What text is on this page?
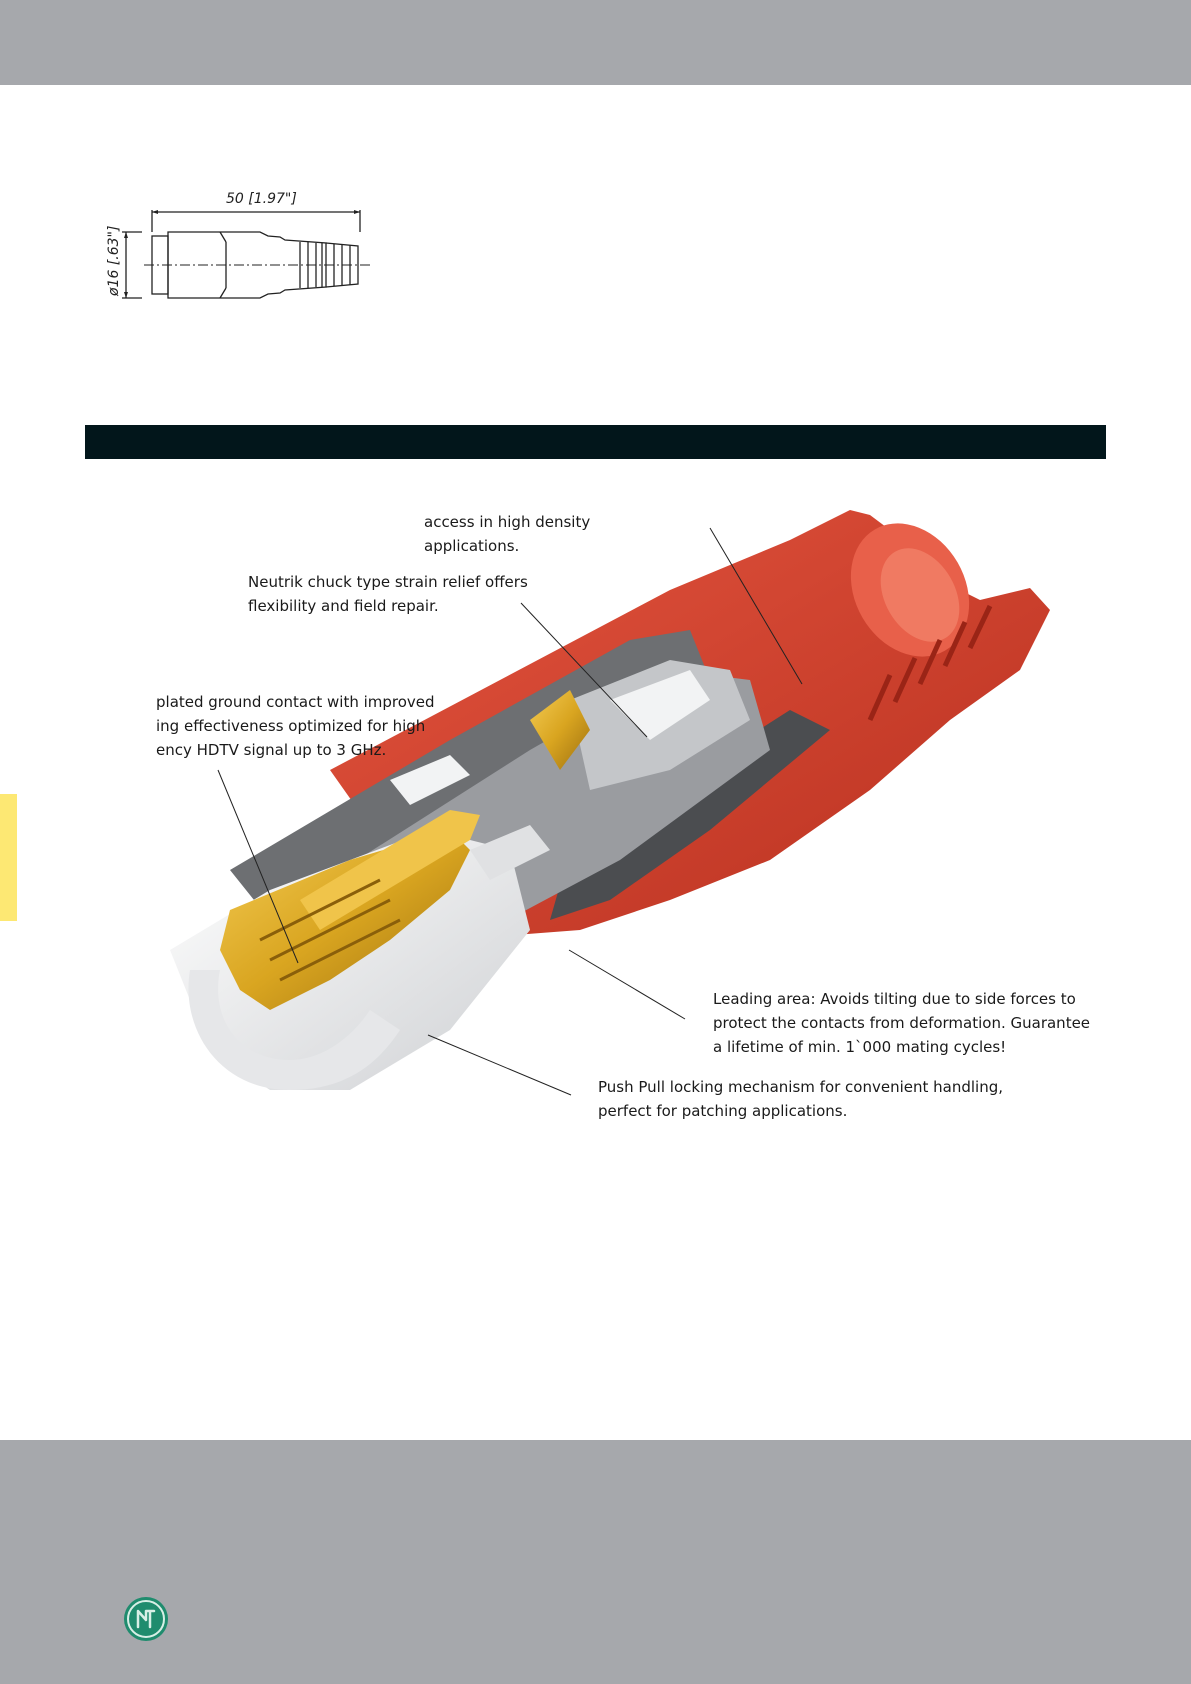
50 [1.97"]
ø16 [.63"]
access in high density applications.
Neutrik chuck type strain relief offers
flexibility and field repair.
plated ground contact with improved
ing effectiveness optimized for high
ency HDTV signal up to 3 GHz.
Leading area: Avoids tilting due to side forces to
protect the contacts from deformation. Guarantee
a lifetime of min. 1`000 mating cycles!
Push Pull locking mechanism for convenient handling,
perfect for patching applications.
